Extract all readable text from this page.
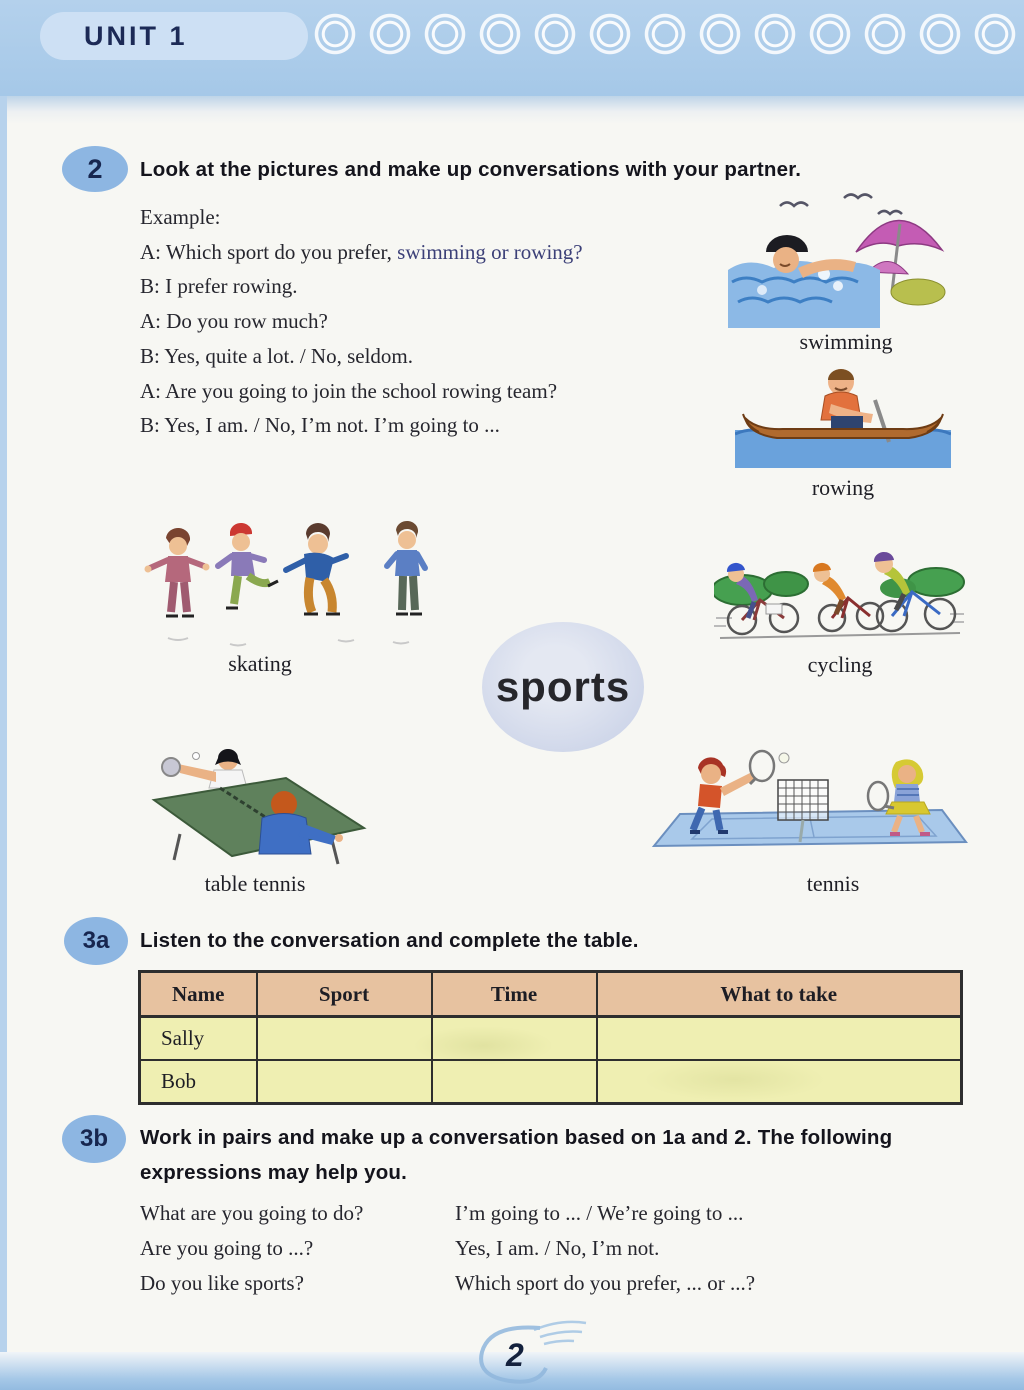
UNIT 1
2	Look at the pictures and make up conversations with your partner.
Example:
A: Which sport do you prefer, swimming or rowing?
B: I prefer rowing.
A: Do you row much?
B: Yes, quite a lot. / No, seldom.
A: Are you going to join the school rowing team?
B: Yes, I am. / No, I’m not. I’m going to ...
swimming
rowing
skating	cycling
sports
table tennis	tennis
3a	Listen to the conversation and complete the table.
Name	Sport	Time	What to take
Sally			
Bob			
3b	Work in pairs and make up a conversation based on 1a and 2. The following
expressions may help you.
What are you going to do?	I’m going to ... / We’re going to ...
Are you going to ...?	Yes, I am. / No, I’m not.
Do you like sports?	Which sport do you prefer, ... or ...?
2
